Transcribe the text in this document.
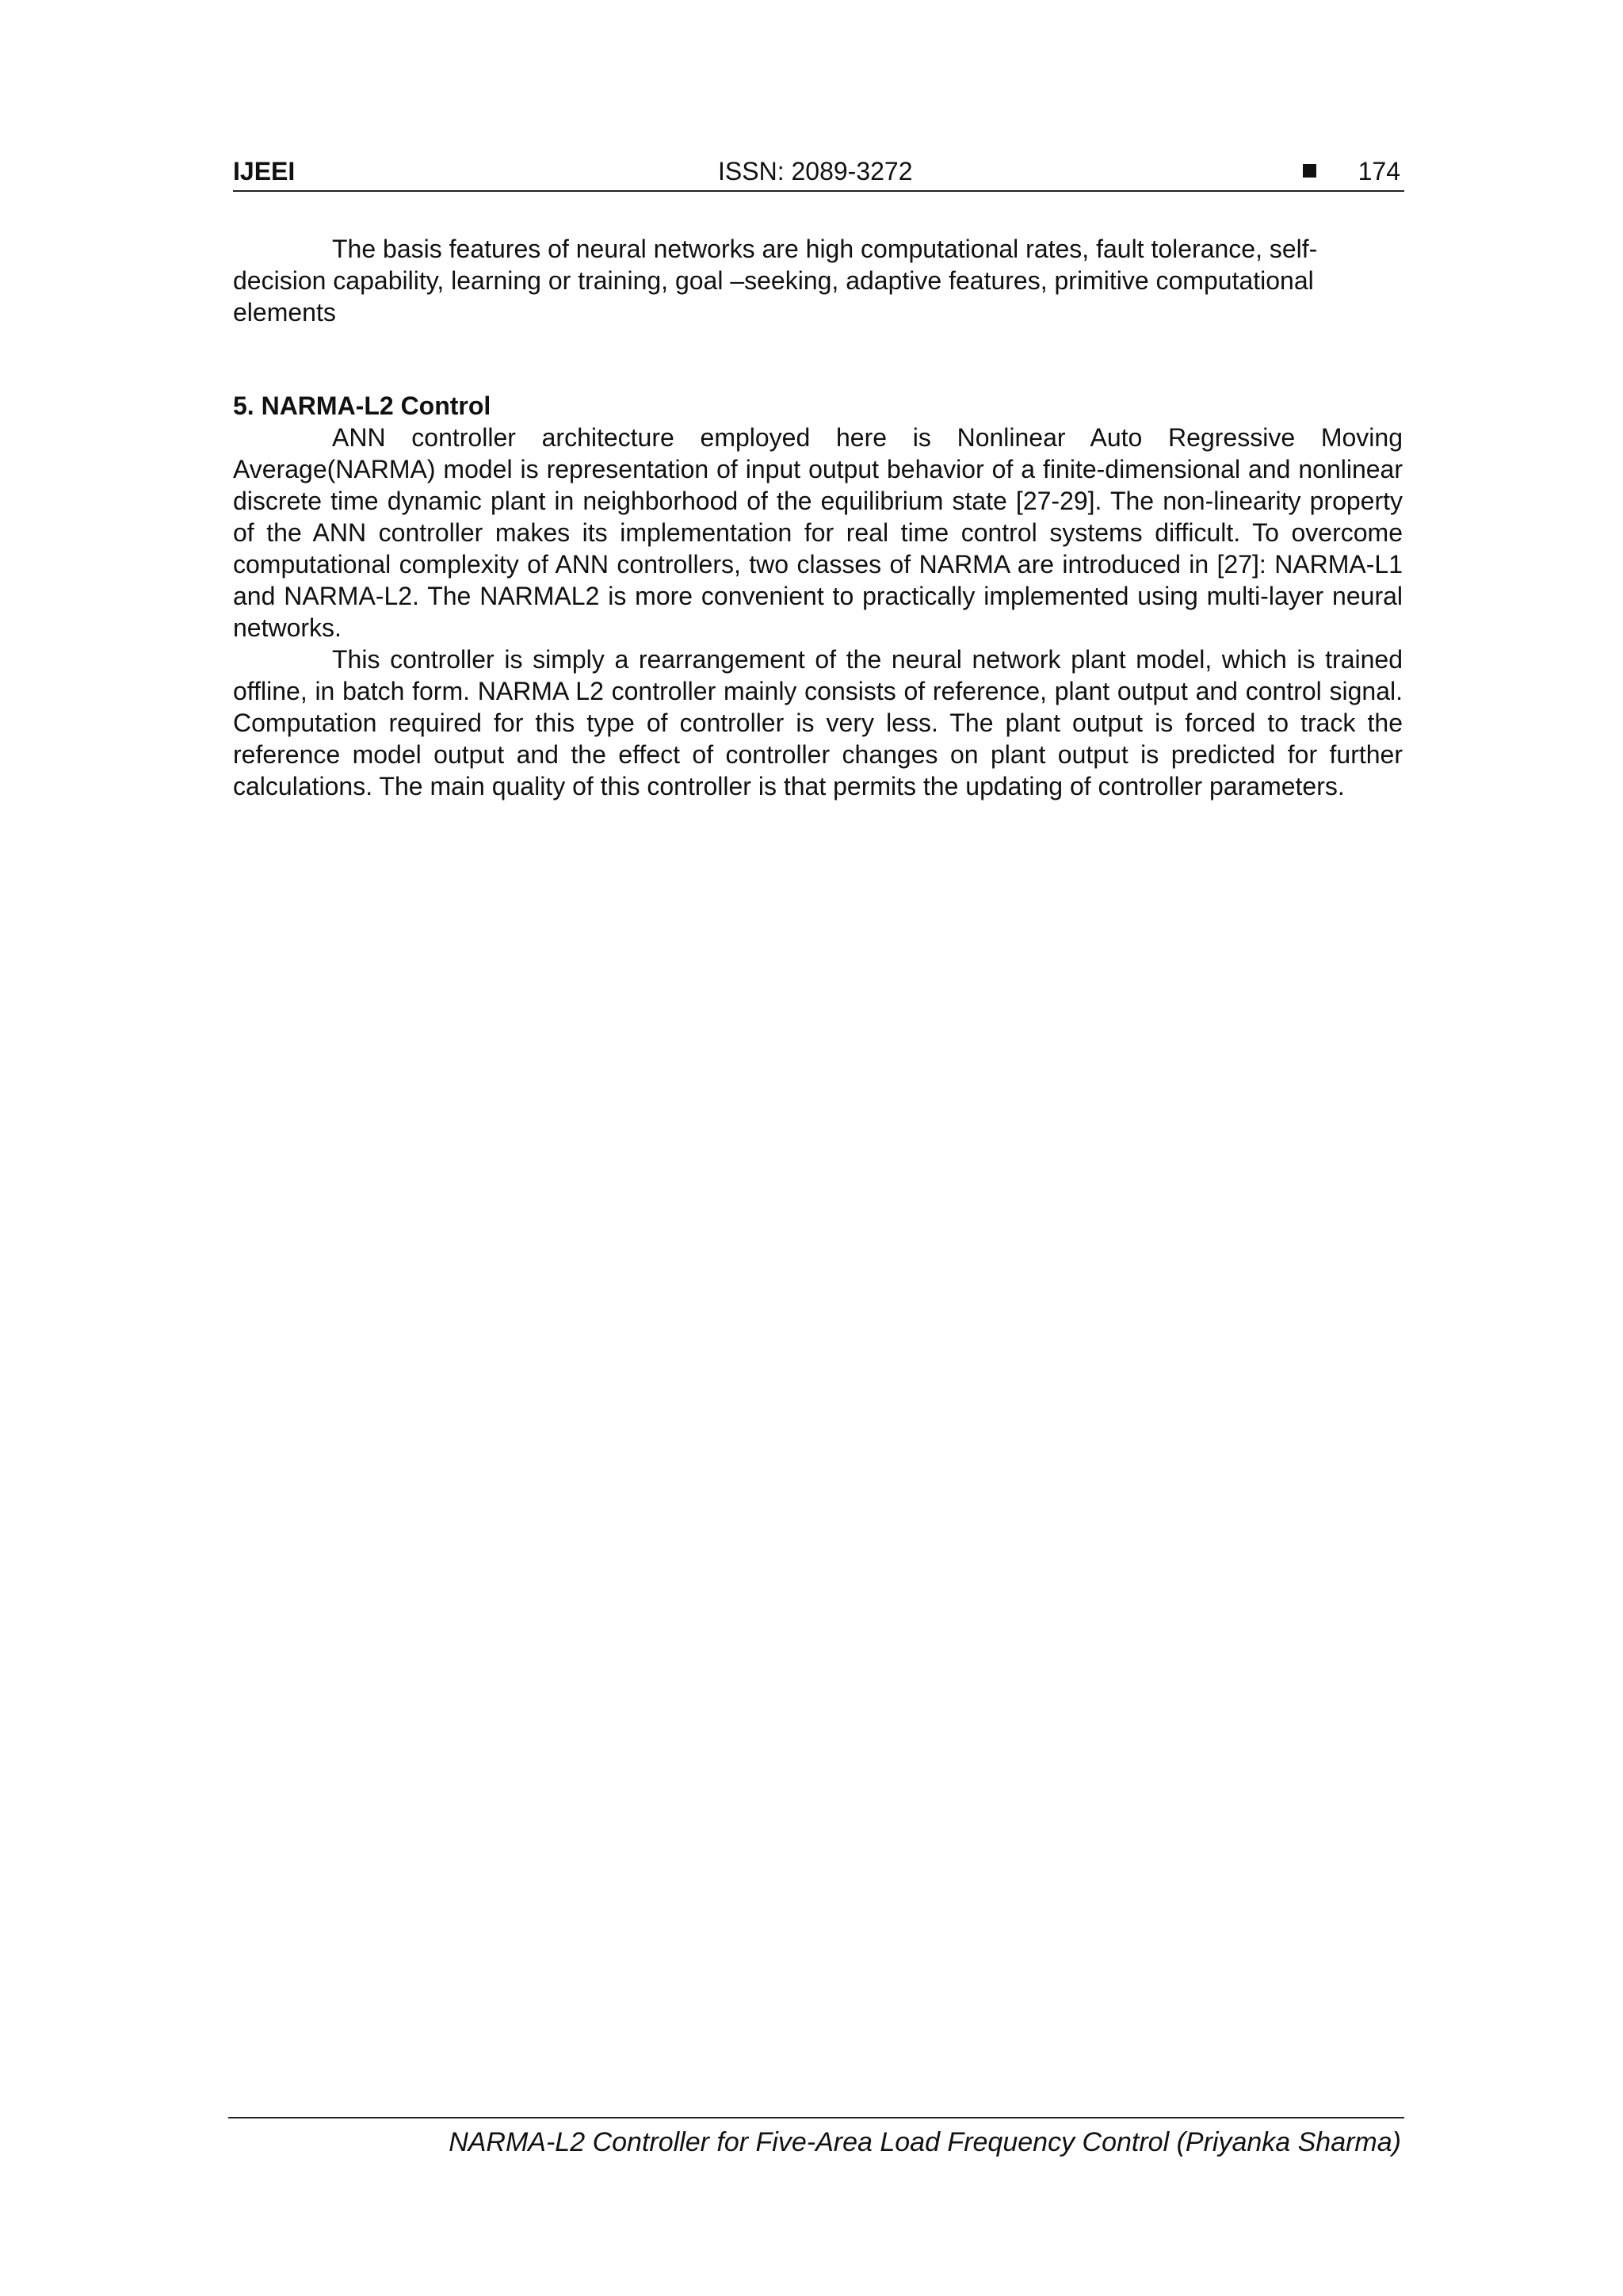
IJEEI	ISSN: 2089-3272	174

The basis features of neural networks are high computational rates, fault tolerance, self-decision capability, learning or training, goal –seeking, adaptive features, primitive computational elements

5. NARMA-L2 Control

ANN controller architecture employed here is Nonlinear Auto Regressive Moving Average(NARMA) model is representation of input output behavior of a finite-dimensional and nonlinear discrete time dynamic plant in neighborhood of the equilibrium state [27-29]. The non-linearity property of the ANN controller makes its implementation for real time control systems difficult. To overcome computational complexity of ANN controllers, two classes of NARMA are introduced in [27]: NARMA-L1 and NARMA-L2. The NARMAL2 is more convenient to practically implemented using multi-layer neural networks.

This controller is simply a rearrangement of the neural network plant model, which is trained offline, in batch form. NARMA L2 controller mainly consists of reference, plant output and control signal. Computation required for this type of controller is very less. The plant output is forced to track the reference model output and the effect of controller changes on plant output is predicted for further calculations. The main quality of this controller is that permits the updating of controller parameters.

NARMA-L2 Controller for Five-Area Load Frequency Control (Priyanka Sharma)
